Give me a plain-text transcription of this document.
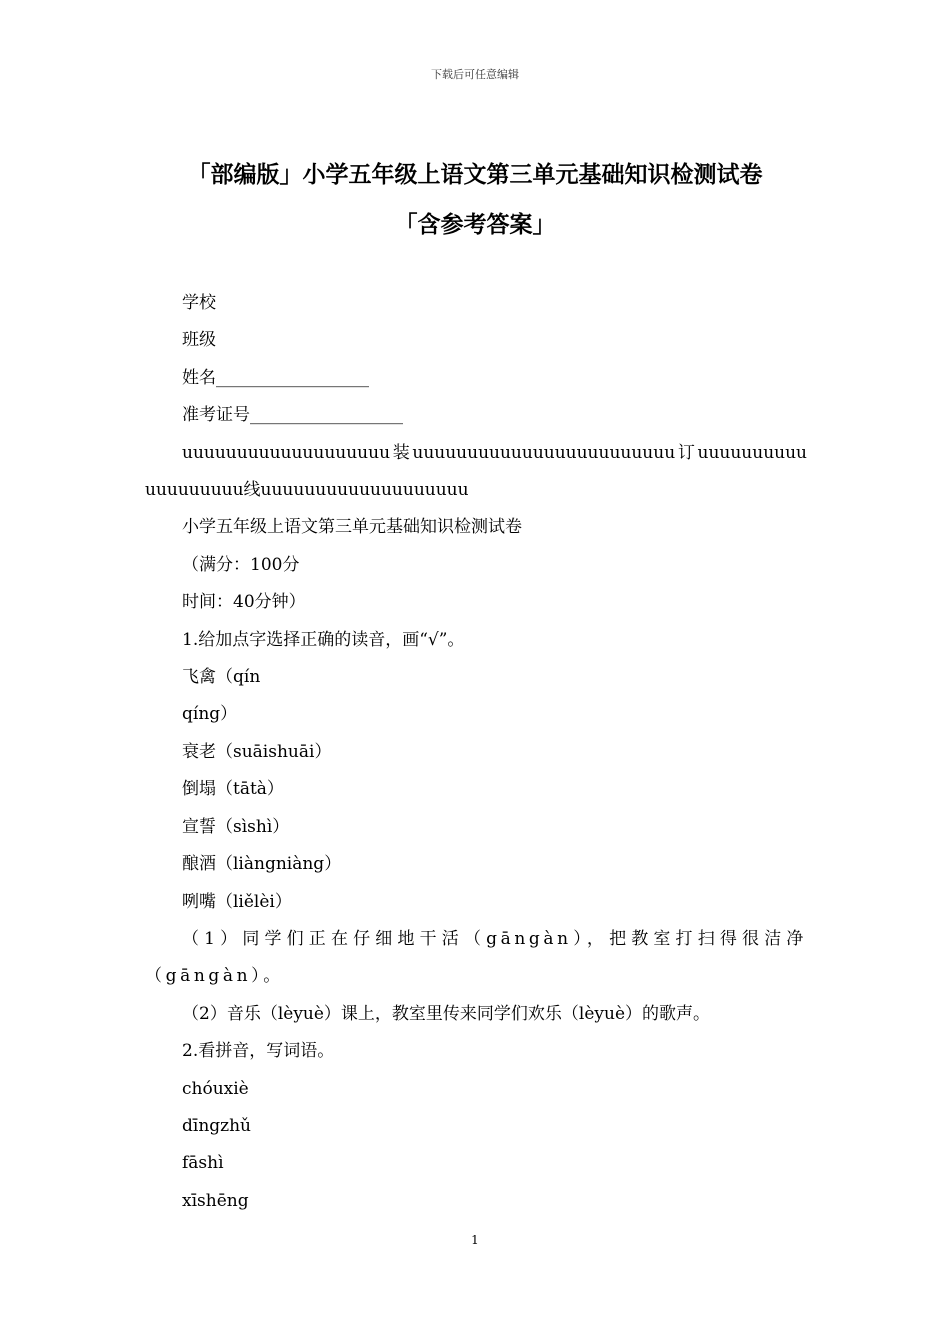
下载后可任意编辑
「部编版」小学五年级上语文第三单元基础知识检测试卷
「含参考答案」
学校
班级
姓名__________________
准考证号__________________
uuuuuuuuuuuuuuuuuuu装uuuuuuuuuuuuuuuuuuuuuuuu订uuuuuuuuuuuuuuuuuuu线uuuuuuuuuuuuuuuuuuu
小学五年级上语文第三单元基础知识检测试卷
（满分：100分
时间：40分钟）
1.给加点字选择正确的读音，画“√”。
飞禽（qín
qíng）
衰老（suāishuāi）
倒塌（tātà）
宣誓（sìshì）
酿酒（liàngniàng）
咧嘴（liělèi）
（1）同学们正在仔细地干活（gāngàn），把教室打扫得很洁净（gāngàn）。
（2）音乐（lèyuè）课上，教室里传来同学们欢乐（lèyuè）的歌声。
2.看拼音，写词语。
chóuxiè
dīngzhǔ
fāshì
xīshēng
1
